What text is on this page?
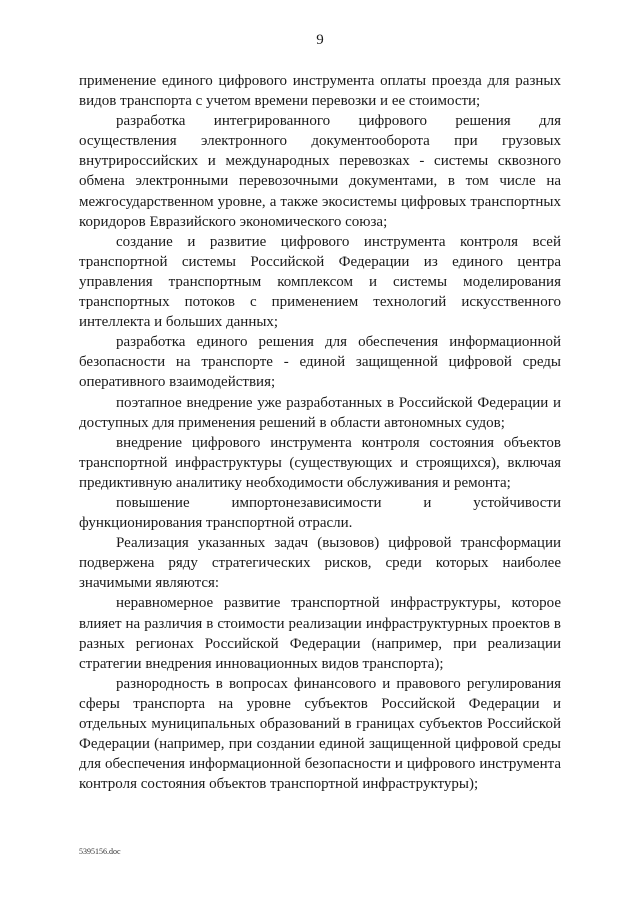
9

применение единого цифрового инструмента оплаты проезда для разных видов транспорта с учетом времени перевозки и ее стоимости;

разработка интегрированного цифрового решения для осуществления электронного документооборота при грузовых внутрироссийских и международных перевозках - системы сквозного обмена электронными перевозочными документами, в том числе на межгосударственном уровне, а также экосистемы цифровых транспортных коридоров Евразийского экономического союза;

создание и развитие цифрового инструмента контроля всей транспортной системы Российской Федерации из единого центра управления транспортным комплексом и системы моделирования транспортных потоков с применением технологий искусственного интеллекта и больших данных;

разработка единого решения для обеспечения информационной безопасности на транспорте - единой защищенной цифровой среды оперативного взаимодействия;

поэтапное внедрение уже разработанных в Российской Федерации и доступных для применения решений в области автономных судов;

внедрение цифрового инструмента контроля состояния объектов транспортной инфраструктуры (существующих и строящихся), включая предиктивную аналитику необходимости обслуживания и ремонта;

повышение импортонезависимости и устойчивости функционирования транспортной отрасли.

Реализация указанных задач (вызовов) цифровой трансформации подвержена ряду стратегических рисков, среди которых наиболее значимыми являются:

неравномерное развитие транспортной инфраструктуры, которое влияет на различия в стоимости реализации инфраструктурных проектов в разных регионах Российской Федерации (например, при реализации стратегии внедрения инновационных видов транспорта);

разнородность в вопросах финансового и правового регулирования сферы транспорта на уровне субъектов Российской Федерации и отдельных муниципальных образований в границах субъектов Российской Федерации (например, при создании единой защищенной цифровой среды для обеспечения информационной безопасности и цифрового инструмента контроля состояния объектов транспортной инфраструктуры);

5395156.doc
